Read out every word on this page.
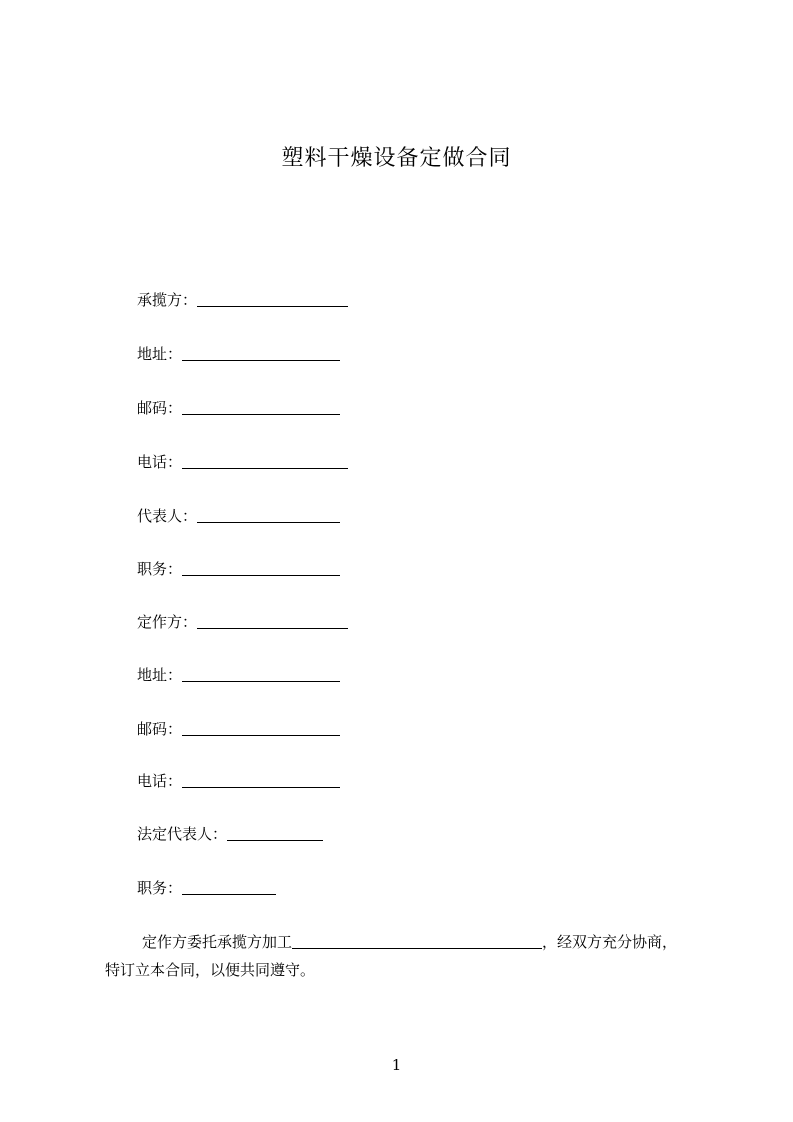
塑料干燥设备定做合同
承揽方：
地址：
邮码：
电话：
代表人：
职务：
定作方：
地址：
邮码：
电话：
法定代表人：
职务：
定作方委托承揽方加工	，经双方充分协商，
特订立本合同，以便共同遵守。
1
